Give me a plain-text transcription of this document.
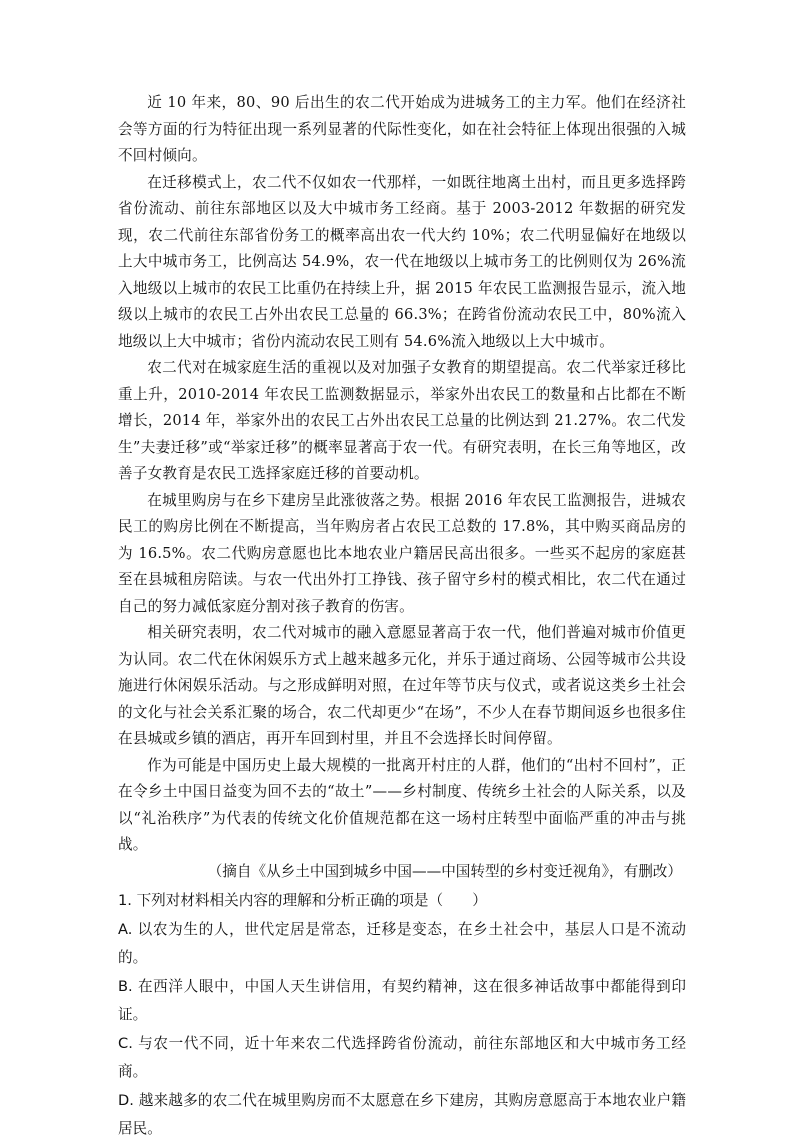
近 10 年来，80、90 后出生的农二代开始成为进城务工的主力军。他们在经济社会等方面的行为特征出现一系列显著的代际性变化，如在社会特征上体现出很强的入城不回村倾向。

在迁移模式上，农二代不仅如农一代那样，一如既往地离土出村，而且更多选择跨省份流动、前往东部地区以及大中城市务工经商。基于 2003-2012 年数据的研究发现，农二代前往东部省份务工的概率高出农一代大约 10%；农二代明显偏好在地级以上大中城市务工，比例高达 54.9%，农一代在地级以上城市务工的比例则仅为 26%流入地级以上城市的农民工比重仍在持续上升，据 2015 年农民工监测报告显示，流入地级以上城市的农民工占外出农民工总量的 66.3%；在跨省份流动农民工中，80%流入地级以上大中城市；省份内流动农民工则有 54.6%流入地级以上大中城市。

农二代对在城家庭生活的重视以及对加强子女教育的期望提高。农二代举家迁移比重上升，2010-2014 年农民工监测数据显示，举家外出农民工的数量和占比都在不断增长，2014 年，举家外出的农民工占外出农民工总量的比例达到 21.27%。农二代发生”夫妻迁移”或“举家迁移”的概率显著高于农一代。有研究表明，在长三角等地区，改善子女教育是农民工选择家庭迁移的首要动机。

在城里购房与在乡下建房呈此涨彼落之势。根据 2016 年农民工监测报告，进城农民工的购房比例在不断提高，当年购房者占农民工总数的 17.8%，其中购买商品房的为 16.5%。农二代购房意愿也比本地农业户籍居民高出很多。一些买不起房的家庭甚至在县城租房陪读。与农一代出外打工挣钱、孩子留守乡村的模式相比，农二代在通过自己的努力减低家庭分割对孩子教育的伤害。

相关研究表明，农二代对城市的融入意愿显著高于农一代，他们普遍对城市价值更为认同。农二代在休闲娱乐方式上越来越多元化，并乐于通过商场、公园等城市公共设施进行休闲娱乐活动。与之形成鲜明对照，在过年等节庆与仪式，或者说这类乡土社会的文化与社会关系汇聚的场合，农二代却更少“在场”，不少人在春节期间返乡也很多住在县城或乡镇的酒店，再开车回到村里，并且不会选择长时间停留。

作为可能是中国历史上最大规模的一批离开村庄的人群，他们的“出村不回村”，正在令乡土中国日益变为回不去的“故土”——乡村制度、传统乡土社会的人际关系，以及以“礼治秩序”为代表的传统文化价值规范都在这一场村庄转型中面临严重的冲击与挑战。

（摘自《从乡土中国到城乡中国——中国转型的乡村变迁视角》，有删改）

1. 下列对材料相关内容的理解和分析正确的项是（　　）

A. 以农为生的人，世代定居是常态，迁移是变态，在乡土社会中，基层人口是不流动的。

B. 在西洋人眼中，中国人天生讲信用，有契约精神，这在很多神话故事中都能得到印证。

C. 与农一代不同，近十年来农二代选择跨省份流动，前往东部地区和大中城市务工经商。

D. 越来越多的农二代在城里购房而不太愿意在乡下建房，其购房意愿高于本地农业户籍居民。
